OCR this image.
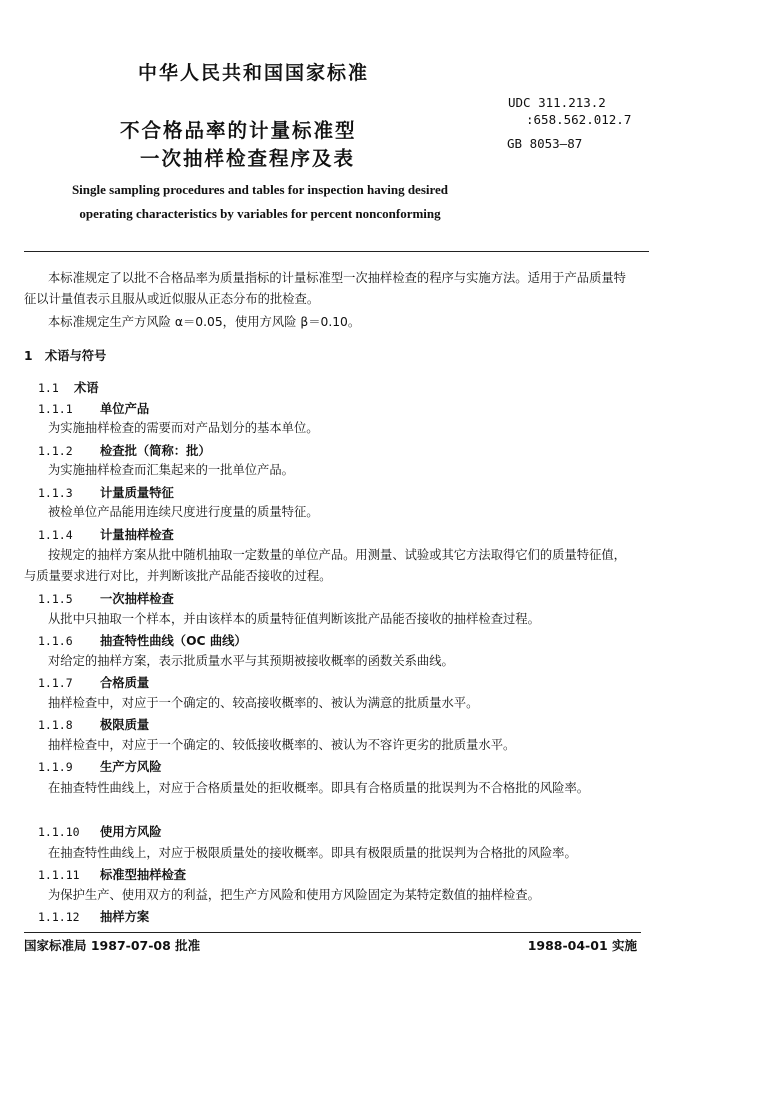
中华人民共和国国家标准
UDC 311.213.2
:658.562.012.7
GB 8053—87
不合格品率的计量标准型
一次抽样检查程序及表
Single sampling procedures and tables for inspection having desired
operating characteristics by variables for percent nonconforming
本标准规定了以批不合格品率为质量指标的计量标准型一次抽样检查的程序与实施方法。适用于产品质量特征以计量值表示且服从或近似服从正态分布的批检查。
本标准规定生产方风险 α＝0.05，使用方风险 β＝0.10。
1　术语与符号
1.1 术语
1.1.1 单位产品
为实施抽样检查的需要而对产品划分的基本单位。
1.1.2 检查批（简称：批）
为实施抽样检查而汇集起来的一批单位产品。
1.1.3 计量质量特征
被检单位产品能用连续尺度进行度量的质量特征。
1.1.4 计量抽样检查
按规定的抽样方案从批中随机抽取一定数量的单位产品。用测量、试验或其它方法取得它们的质量特征值，与质量要求进行对比，并判断该批产品能否接收的过程。
1.1.5 一次抽样检查
从批中只抽取一个样本，并由该样本的质量特征值判断该批产品能否接收的抽样检查过程。
1.1.6 抽查特性曲线（OC 曲线）
对给定的抽样方案，表示批质量水平与其预期被接收概率的函数关系曲线。
1.1.7 合格质量
抽样检查中，对应于一个确定的、较高接收概率的、被认为满意的批质量水平。
1.1.8 极限质量
抽样检查中，对应于一个确定的、较低接收概率的、被认为不容许更劣的批质量水平。
1.1.9 生产方风险
在抽查特性曲线上，对应于合格质量处的拒收概率。即具有合格质量的批误判为不合格批的风险率。
1.1.10 使用方风险
在抽查特性曲线上，对应于极限质量处的接收概率。即具有极限质量的批误判为合格批的风险率。
1.1.11 标准型抽样检查
为保护生产、使用双方的利益，把生产方风险和使用方风险固定为某特定数值的抽样检查。
1.1.12 抽样方案
国家标准局 1987-07-08 批准	1988-04-01 实施
